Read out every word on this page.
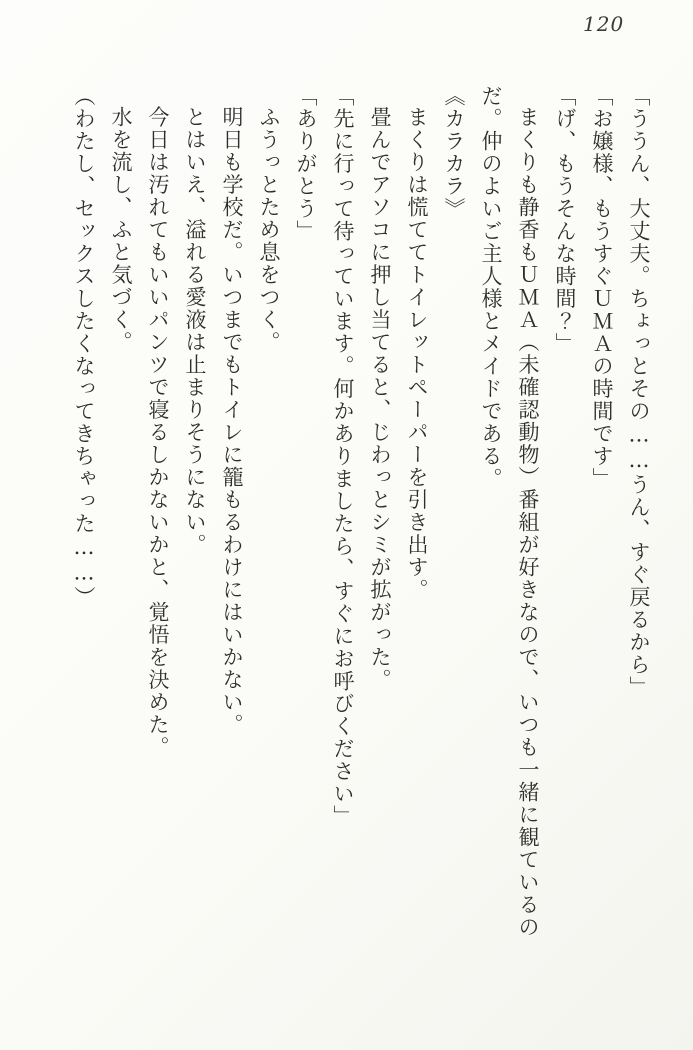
120

「ううん、大丈夫。ちょっとその……うん、すぐ戻るから」

「お嬢様、もうすぐＵＭＡの時間です」

「げ、もうそんな時間？」

まくりも静香もＵＭＡ（未確認動物）番組が好きなので、いつも一緒に観ているのだ。仲のよいご主人様とメイドである。

《カラカラ》

まくりは慌ててトイレットペーパーを引き出す。

畳んでアソコに押し当てると、じわっとシミが拡がった。

「先に行って待っています。何かありましたら、すぐにお呼びください」

「ありがとう」

ふうっとため息をつく。

明日も学校だ。いつまでもトイレに籠もるわけにはいかない。

とはいえ、溢れる愛液は止まりそうにない。

今日は汚れてもいいパンツで寝るしかないかと、覚悟を決めた。

水を流し、ふと気づく。

（わたし、セックスしたくなってきちゃった……）
